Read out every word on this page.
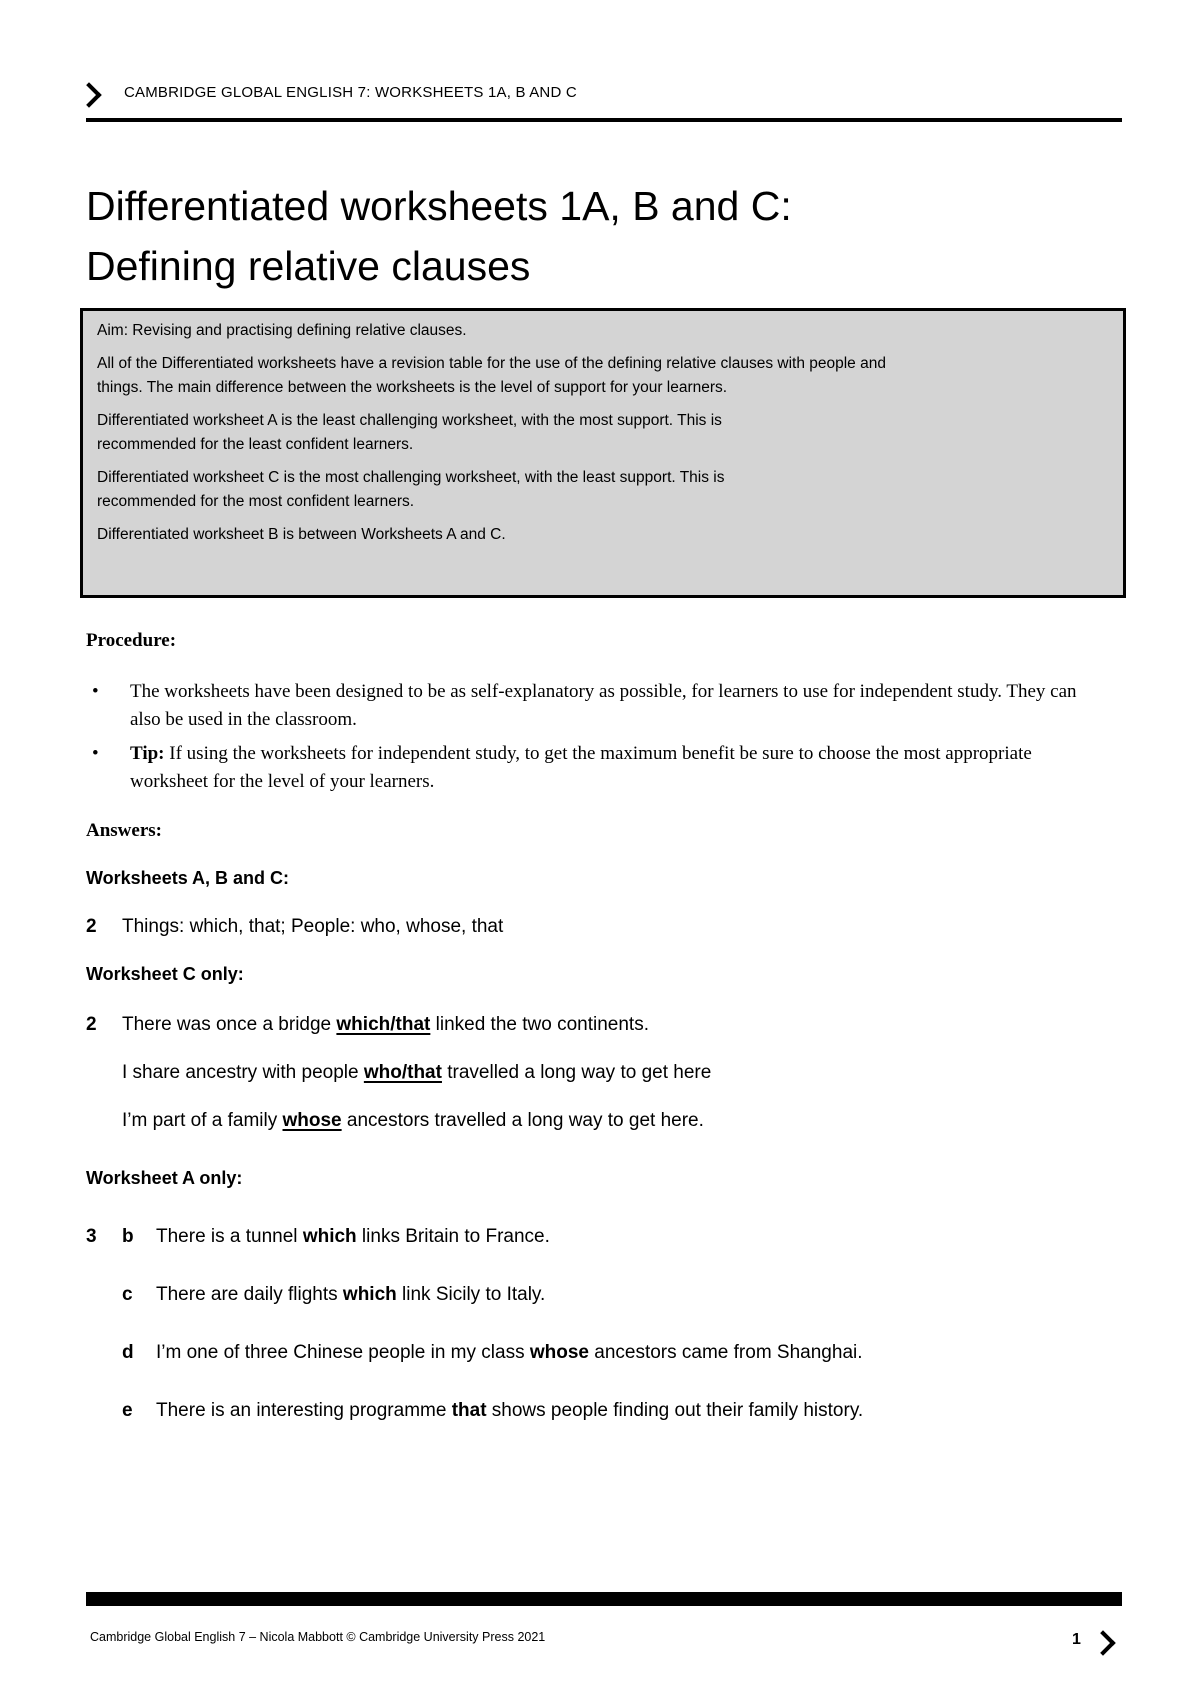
CAMBRIDGE GLOBAL ENGLISH 7: WORKSHEETS 1A, B AND C
Differentiated worksheets 1A, B and C:
Defining relative clauses

Aim: Revising and practising defining relative clauses.

All of the Differentiated worksheets have a revision table for the use of the defining relative clauses with people and things. The main difference between the worksheets is the level of support for your learners.

Differentiated worksheet A is the least challenging worksheet, with the most support. This is recommended for the least confident learners.

Differentiated worksheet C is the most challenging worksheet, with the least support. This is recommended for the most confident learners.

Differentiated worksheet B is between Worksheets A and C.

Procedure:
• The worksheets have been designed to be as self-explanatory as possible, for learners to use for independent study. They can also be used in the classroom.
• Tip: If using the worksheets for independent study, to get the maximum benefit be sure to choose the most appropriate worksheet for the level of your learners.
Answers:
Worksheets A, B and C:
2 Things: which, that; People: who, whose, that
Worksheet C only:
2 There was once a bridge which/that linked the two continents.
I share ancestry with people who/that travelled a long way to get here
I’m part of a family whose ancestors travelled a long way to get here.
Worksheet A only:
3 b There is a tunnel which links Britain to France.
c There are daily flights which link Sicily to Italy.
d I’m one of three Chinese people in my class whose ancestors came from Shanghai.
e There is an interesting programme that shows people finding out their family history.
Cambridge Global English 7 – Nicola Mabbott © Cambridge University Press 2021	1
